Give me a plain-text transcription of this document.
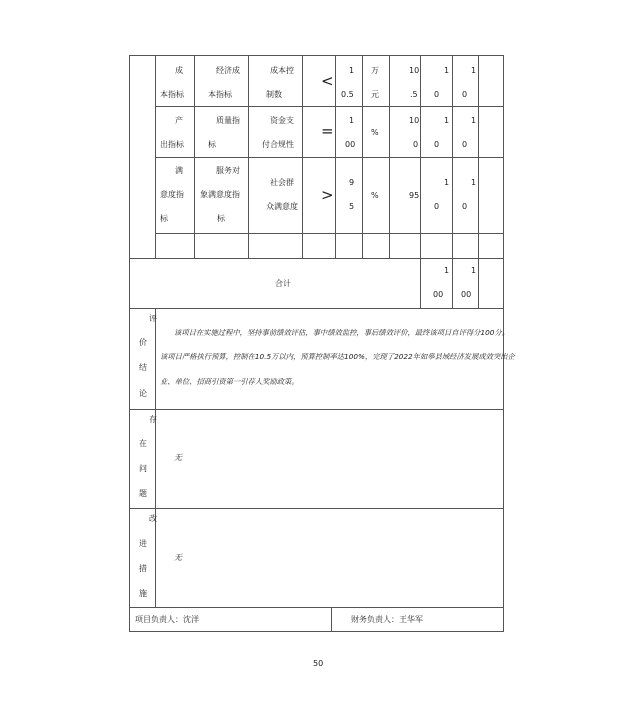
成
本指标
经济成
本指标
成本控
制数
<
1
0.5
万
元
10
.5
1
0
1
0
产
出指标
质量指
标
资金支
付合规性
=
1
00
%
10
0
1
0
1
0
满
意度指
标
服务对
象满意度指
标
社会群
众满意度
>
9
5
%	95
1
0
1
0
合计
1
00
1
00
评
价
结
论
该项目在实施过程中，坚持事前绩效评估，事中绩效监控，事后绩效评价，最终该项目自评得分100分。
该项目严格执行预算，控制在10.5万以内，预算控制率达100%，完现了2022年如皋县域经济发展成效突出企
业、单位、招商引资第一引荐人奖励政策。
存
在
问
题
无
改
进
措
施
无
项目负责人：沈洋	财务负责人：王华军
50
